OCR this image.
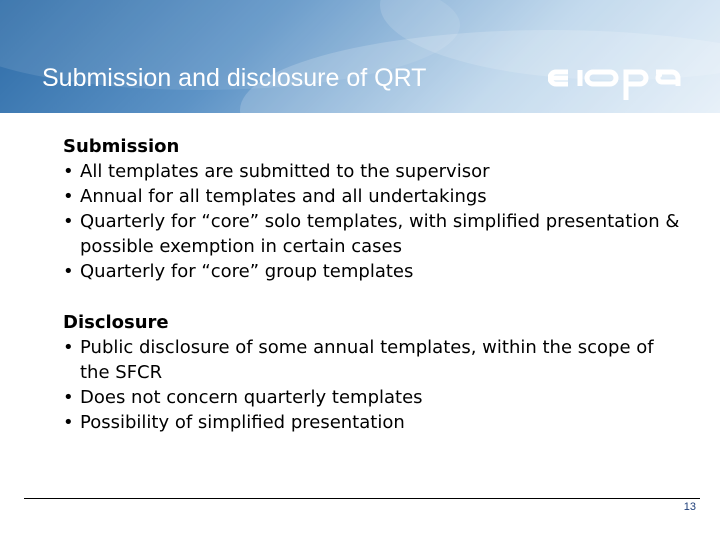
Submission and disclosure of QRT

Submission

• All templates are submitted to the supervisor
• Annual for all templates and all undertakings
• Quarterly for “core” solo templates, with simplified presentation & possible exemption in certain cases
• Quarterly for “core” group templates

Disclosure

• Public disclosure of some annual templates, within the scope of the SFCR
• Does not concern quarterly templates
• Possibility of simplified presentation
13
